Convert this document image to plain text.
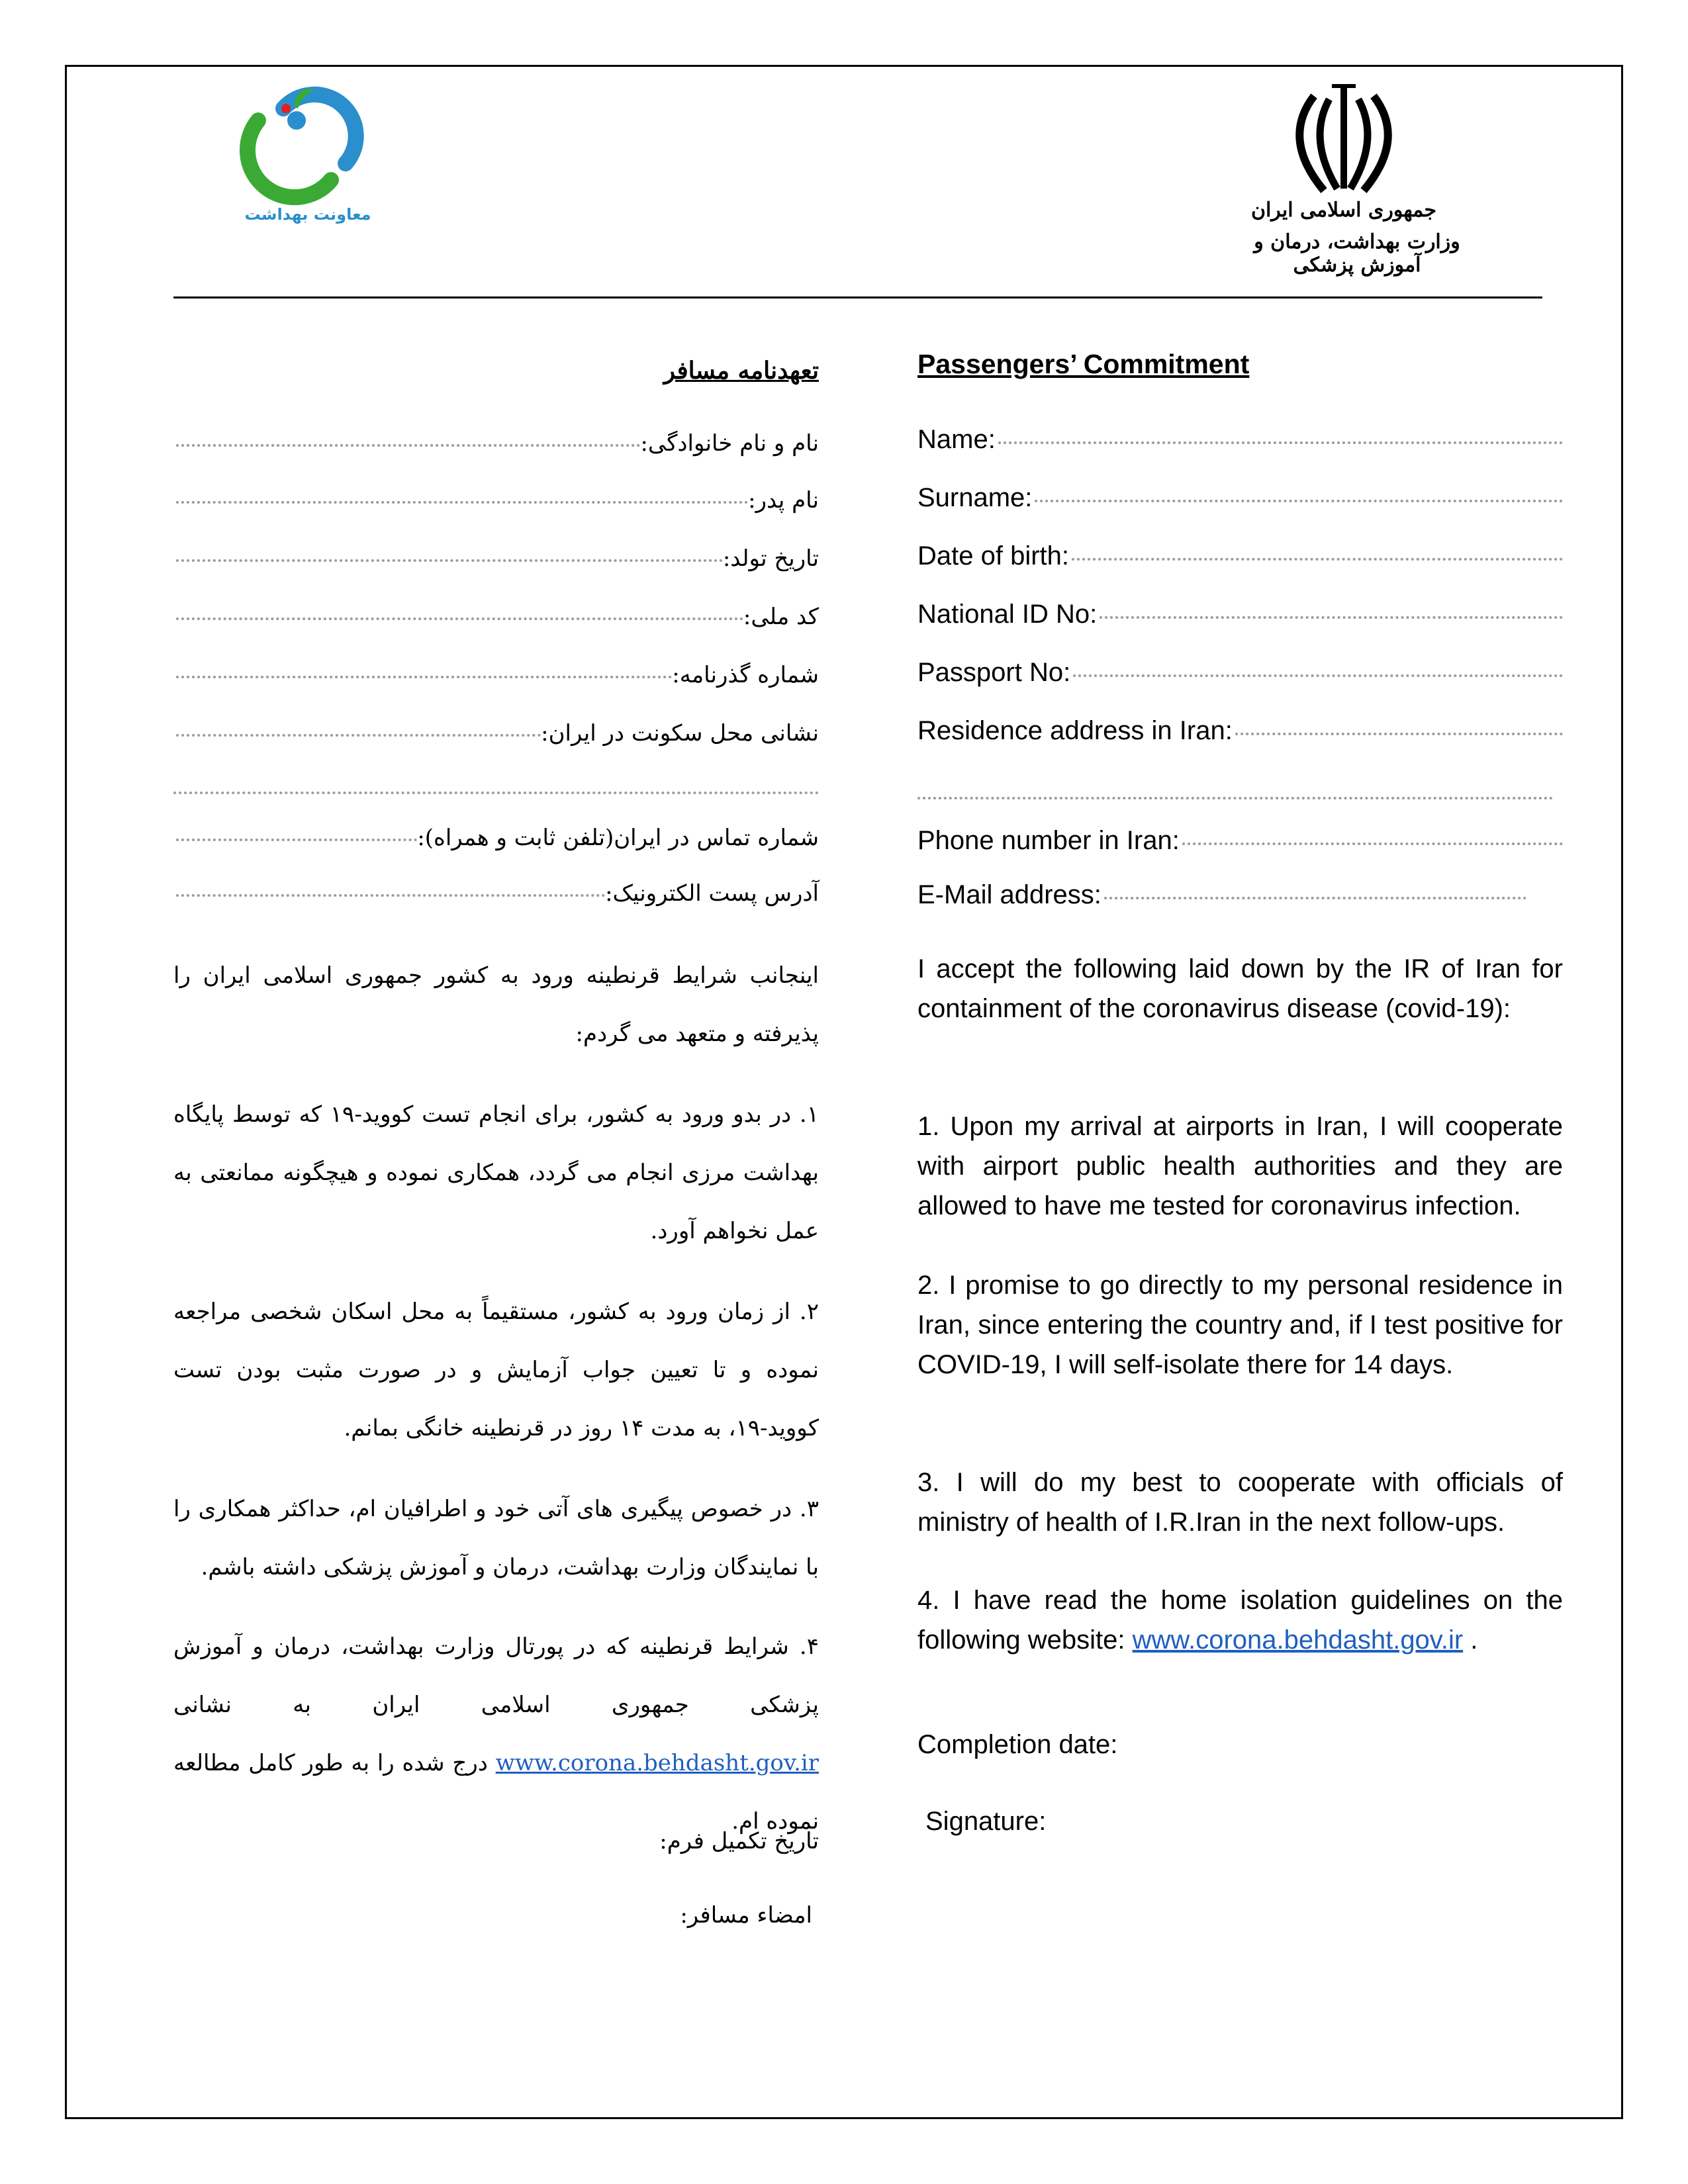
معاونت بهداشت	جمهوری اسلامی ایران
وزارت بهداشت، درمان و آموزش پزشکی
Passengers’ Commitment
Name:
Surname:
Date of birth:
National ID No:
Passport No:
Residence address in Iran:
Phone number in Iran:
E-Mail address:
I accept the following laid down by the IR of Iran for containment of the coronavirus disease (covid-19):
1. Upon my arrival at airports in Iran, I will cooperate with airport public health authorities and they are allowed to have me tested for coronavirus infection.
2. I promise to go directly to my personal residence in Iran, since entering the country and, if I test positive for COVID-19, I will self-isolate there for 14 days.
3. I will do my best to cooperate with officials of ministry of health of I.R.Iran in the next follow-ups.
4. I have read the home isolation guidelines on the following website: www.corona.behdasht.gov.ir .
Completion date:
Signature:
تعهدنامه مسافر
نام و نام خانوادگی:
نام پدر:
تاریخ تولد:
کد ملی:
شماره گذرنامه:
نشانی محل سکونت در ایران:
شماره تماس در ایران(تلفن ثابت و همراه):
آدرس پست الکترونیک:
اینجانب شرایط قرنطینه ورود به کشور جمهوری اسلامی ایران را پذیرفته و متعهد می گردم:
۱. در بدو ورود به کشور، برای انجام تست کووید-۱۹ که توسط پایگاه بهداشت مرزی انجام می گردد، همکاری نموده و هیچگونه ممانعتی به عمل نخواهم آورد.
۲. از زمان ورود به کشور، مستقیماً به محل اسکان شخصی مراجعه نموده و تا تعیین جواب آزمایش و در صورت مثبت بودن تست کووید-۱۹، به مدت ۱۴ روز در قرنطینه خانگی بمانم.
۳. در خصوص پیگیری های آتی خود و اطرافیان ام، حداکثر همکاری را با نمایندگان وزارت بهداشت، درمان و آموزش پزشکی داشته باشم.
۴. شرایط قرنطینه که در پورتال وزارت بهداشت، درمان و آموزش پزشکی جمهوری اسلامی ایران به نشانی www.corona.behdasht.gov.ir درج شده را به طور کامل مطالعه نموده ام.
تاریخ تکمیل فرم:
امضاء مسافر:
